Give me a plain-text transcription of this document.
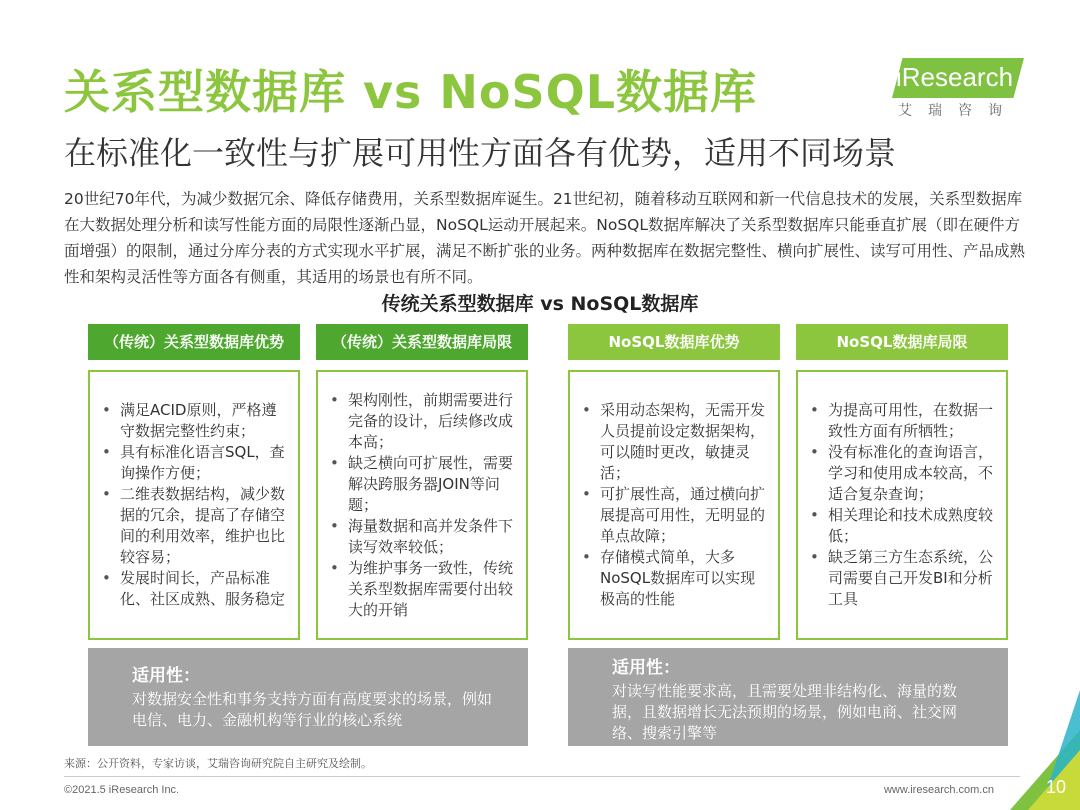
关系型数据库 vs NoSQL数据库
在标准化一致性与扩展可用性方面各有优势，适用不同场景
iResearch
艾瑞咨询
20世纪70年代，为减少数据冗余、降低存储费用，关系型数据库诞生。21世纪初，随着移动互联网和新一代信息技术的发展，关系型数据库在大数据处理分析和读写性能方面的局限性逐渐凸显，NoSQL运动开展起来。NoSQL数据库解决了关系型数据库只能垂直扩展（即在硬件方面增强）的限制，通过分库分表的方式实现水平扩展，满足不断扩张的业务。两种数据库在数据完整性、横向扩展性、读写可用性、产品成熟性和架构灵活性等方面各有侧重，其适用的场景也有所不同。
传统关系型数据库 vs NoSQL数据库
（传统）关系型数据库优势
• 满足ACID原则，严格遵守数据完整性约束；
• 具有标准化语言SQL，查询操作方便；
• 二维表数据结构，减少数据的冗余，提高了存储空间的利用效率，维护也比较容易；
• 发展时间长，产品标准化、社区成熟、服务稳定
（传统）关系型数据库局限
• 架构刚性，前期需要进行完备的设计，后续修改成本高；
• 缺乏横向可扩展性，需要解决跨服务器JOIN等问题；
• 海量数据和高并发条件下读写效率较低；
• 为维护事务一致性，传统关系型数据库需要付出较大的开销
NoSQL数据库优势
• 采用动态架构，无需开发人员提前设定数据架构，可以随时更改，敏捷灵活；
• 可扩展性高，通过横向扩展提高可用性，无明显的单点故障；
• 存储模式简单，大多NoSQL数据库可以实现极高的性能
NoSQL数据库局限
• 为提高可用性，在数据一致性方面有所牺牲；
• 没有标准化的查询语言，学习和使用成本较高，不适合复杂查询；
• 相关理论和技术成熟度较低；
• 缺乏第三方生态系统，公司需要自己开发BI和分析工具
适用性：
对数据安全性和事务支持方面有高度要求的场景，例如电信、电力、金融机构等行业的核心系统
适用性：
对读写性能要求高，且需要处理非结构化、海量的数据，且数据增长无法预期的场景，例如电商、社交网络、搜索引擎等
来源：公开资料，专家访谈，艾瑞咨询研究院自主研究及绘制。
©2021.5 iResearch Inc.	www.iresearch.com.cn	10
